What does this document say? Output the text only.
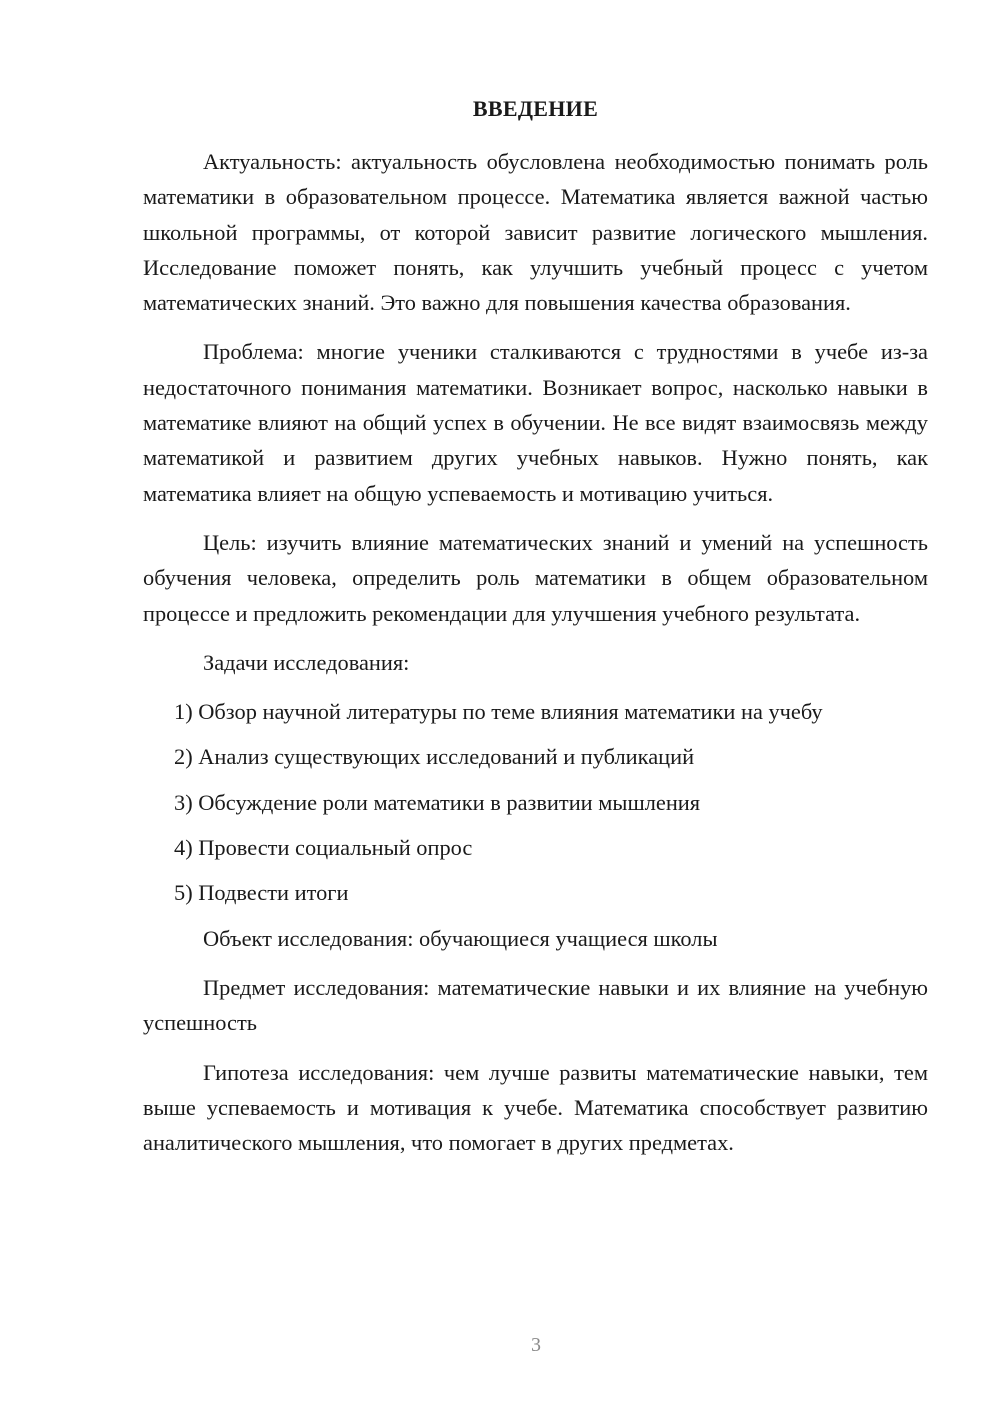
ВВЕДЕНИЕ

Актуальность: актуальность обусловлена необходимостью понимать роль математики в образовательном процессе. Математика является важной частью школьной программы, от которой зависит развитие логического мышления. Исследование поможет понять, как улучшить учебный процесс с учетом математических знаний. Это важно для повышения качества образования.

Проблема: многие ученики сталкиваются с трудностями в учебе из-за недостаточного понимания математики. Возникает вопрос, насколько навыки в математике влияют на общий успех в обучении. Не все видят взаимосвязь между математикой и развитием других учебных навыков. Нужно понять, как математика влияет на общую успеваемость и мотивацию учиться.

Цель: изучить влияние математических знаний и умений на успешность обучения человека, определить роль математики в общем образовательном процессе и предложить рекомендации для улучшения учебного результата.

Задачи исследования:

1) Обзор научной литературы по теме влияния математики на учебу
2) Анализ существующих исследований и публикаций
3) Обсуждение роли математики в развитии мышления
4) Провести социальный опрос
5) Подвести итоги

Объект исследования: обучающиеся учащиеся школы

Предмет исследования: математические навыки и их влияние на учебную успешность

Гипотеза исследования: чем лучше развиты математические навыки, тем выше успеваемость и мотивация к учебе. Математика способствует развитию аналитического мышления, что помогает в других предметах.

3
